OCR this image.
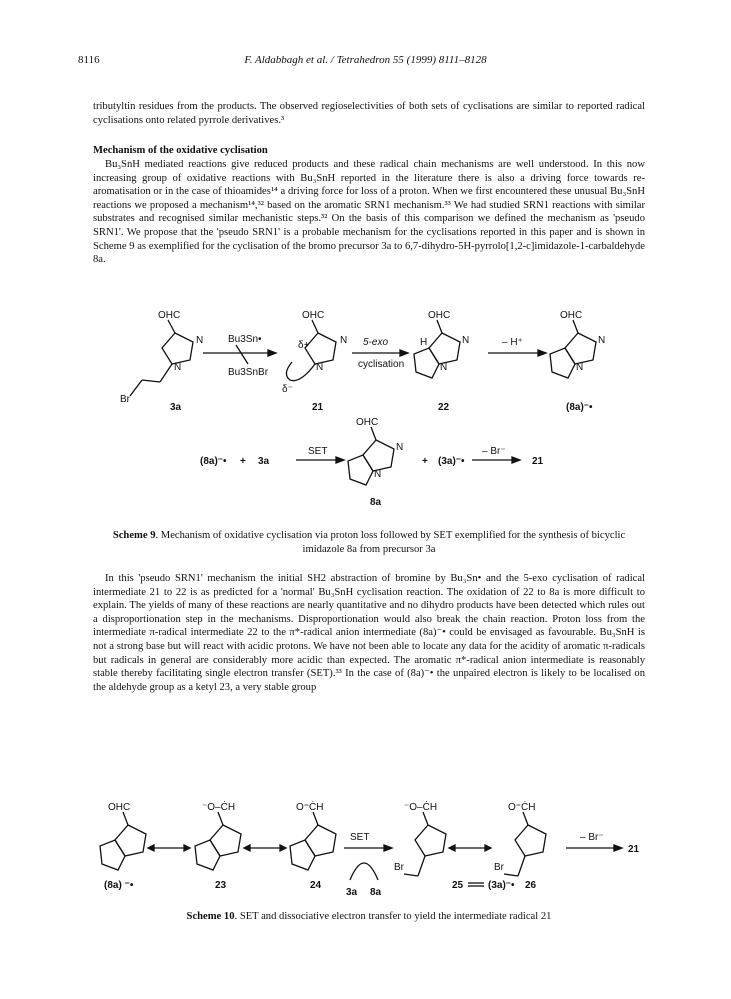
8116	F. Aldabbagh et al. / Tetrahedron 55 (1999) 8111–8128
tributyltin residues from the products. The observed regioselectivities of both sets of cyclisations are similar to reported radical cyclisations onto related pyrrole derivatives.³
Mechanism of the oxidative cyclisation
Bu₃SnH mediated reactions give reduced products and these radical chain mechanisms are well understood. In this now increasing group of oxidative reactions with Bu₃SnH reported in the literature there is also a driving force towards re-aromatisation or in the case of thioamides¹⁴ a driving force for loss of a proton. When we first encountered these unusual Bu₃SnH reactions we proposed a mechanism¹⁴,³² based on the aromatic SRN1 mechanism.³³ We had studied SRN1 reactions with similar substrates and recognised similar mechanistic steps.³² On the basis of this comparison we defined the mechanism as 'pseudo SRN1'. We propose that the 'pseudo SRN1' is a probable mechanism for the cyclisations reported in this paper and is shown in Scheme 9 as exemplified for the cyclisation of the bromo precursor 3a to 6,7-dihydro-5H-pyrrolo[1,2-c]imidazole-1-carbaldehyde 8a.
OHC
N
N
Br
Bu3Sn•
Bu3SnBr
OHC
N
N
δ+
δ⁻
5-exo
cyclisation
OHC
H	N
N
– H⁺
OHC
N
N
3a	21	22	(8a)⁻•
(8a)⁻• + 3a
8a
+ (3a)⁻•	21
SET	– Br⁻
OHC
N
N
Scheme 9. Mechanism of oxidative cyclisation via proton loss followed by SET exemplified for the synthesis of bicyclic imidazole 8a from precursor 3a
In this 'pseudo SRN1' mechanism the initial SH2 abstraction of bromine by Bu₃Sn• and the 5-exo cyclisation of radical intermediate 21 to 22 is as predicted for a 'normal' Bu₃SnH cyclisation reaction. The oxidation of 22 to 8a is more difficult to explain. The yields of many of these reactions are nearly quantitative and no dihydro products have been detected which rules out a disproportionation step in the mechanisms. Disproportionation would also break the chain reaction. Proton loss from the intermediate π-radical intermediate 22 to the π*-radical anion intermediate (8a)⁻• could be envisaged as favourable. Bu₃SnH is not a strong base but will react with acidic protons. We have not been able to locate any data for the acidity of aromatic π-radicals but radicals in general are considerably more acidic than expected. The aromatic π*-radical anion intermediate is reasonably stable thereby facilitating single electron transfer (SET).³³ In the case of (8a)⁻• the unpaired electron is likely to be localised on the aldehyde group as a ketyl 23, a very stable group
OHC	⁻O–ĊH	O⁼ĊH	⁻O–ĊH	O⁼ĊH
SET
3a 8a
Br	Br
– Br⁻
(8a) ⁻•	23	24	25 (3a)⁻• 26
21
Scheme 10. SET and dissociative electron transfer to yield the intermediate radical 21
